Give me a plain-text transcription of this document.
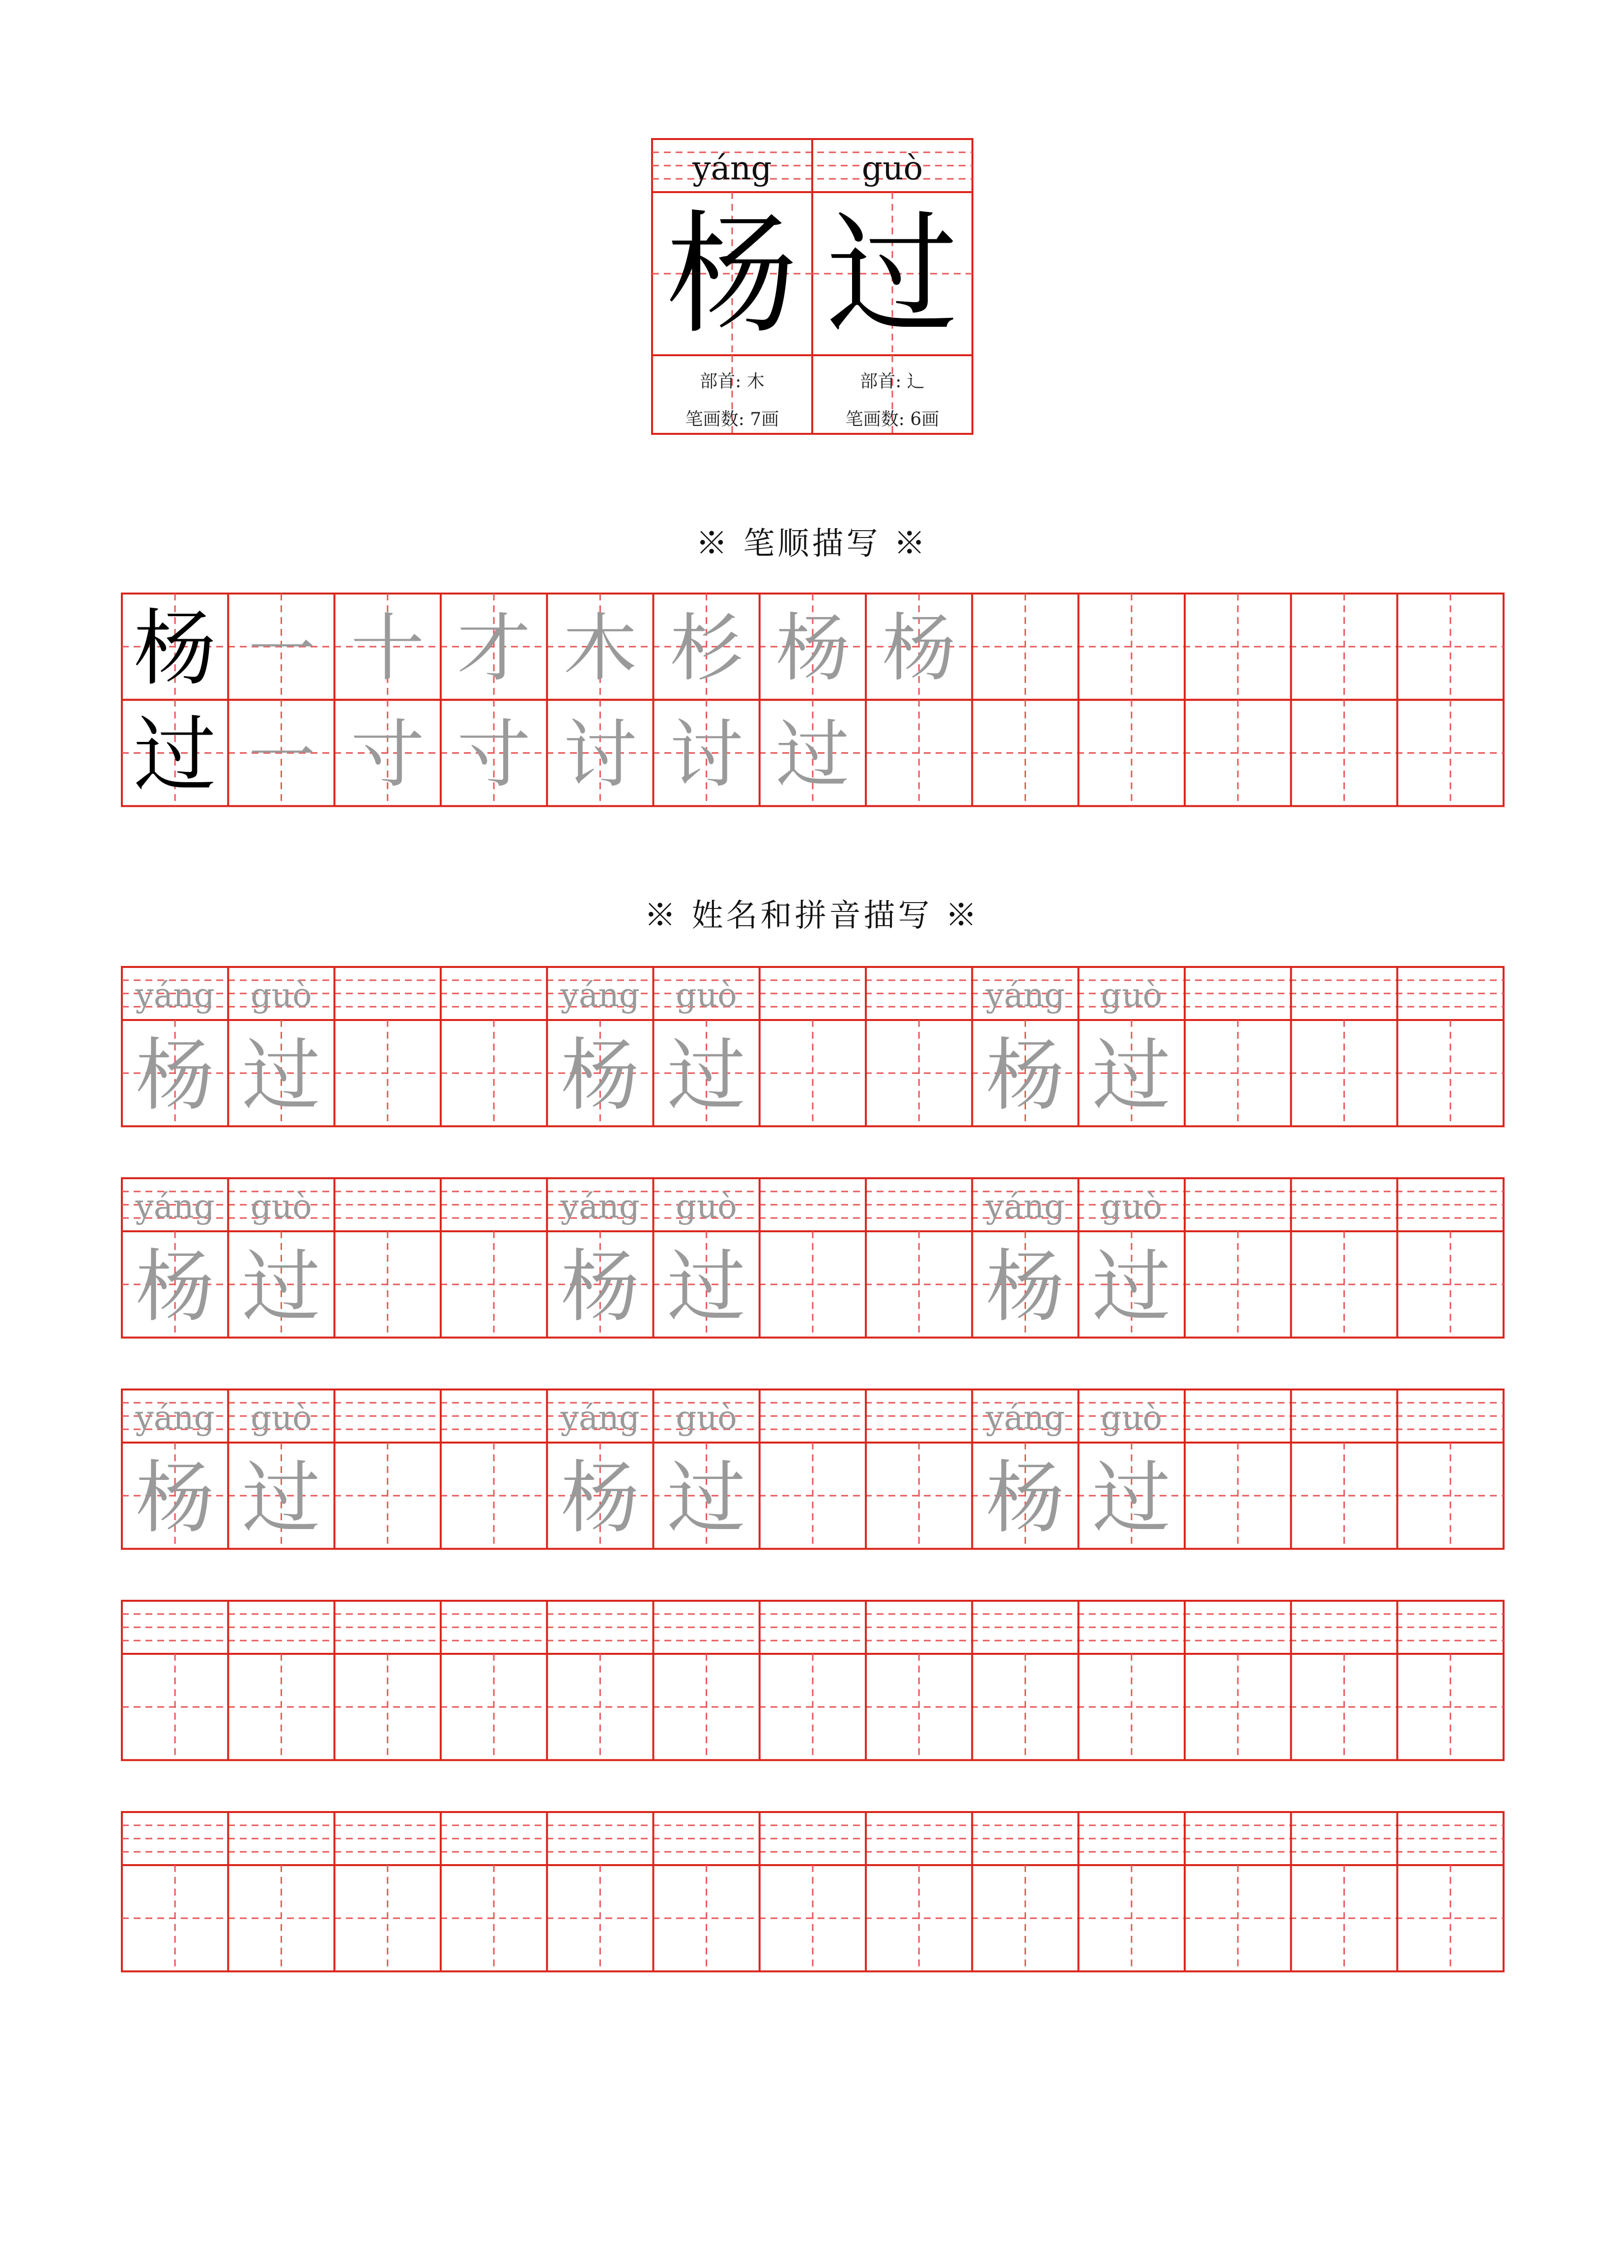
※ 笔顺描写 ※
※ 姓名和拼音描写 ※
yáng
杨
部首: 木
笔画数: 7画
guò
过
部首: 辶
笔画数: 6画
杨 ㇐ 十 才 木 杉 杨 杨
过 ㇐ 寸 寸 讨 讨 过
yáng
杨
guò
过
yáng
杨
guò
过
yáng
杨
guò
过
yáng
杨
guò
过
yáng
杨
guò
过
yáng
杨
guò
过
yáng
杨
guò
过
yáng
杨
guò
过
yáng
杨
guò
过
